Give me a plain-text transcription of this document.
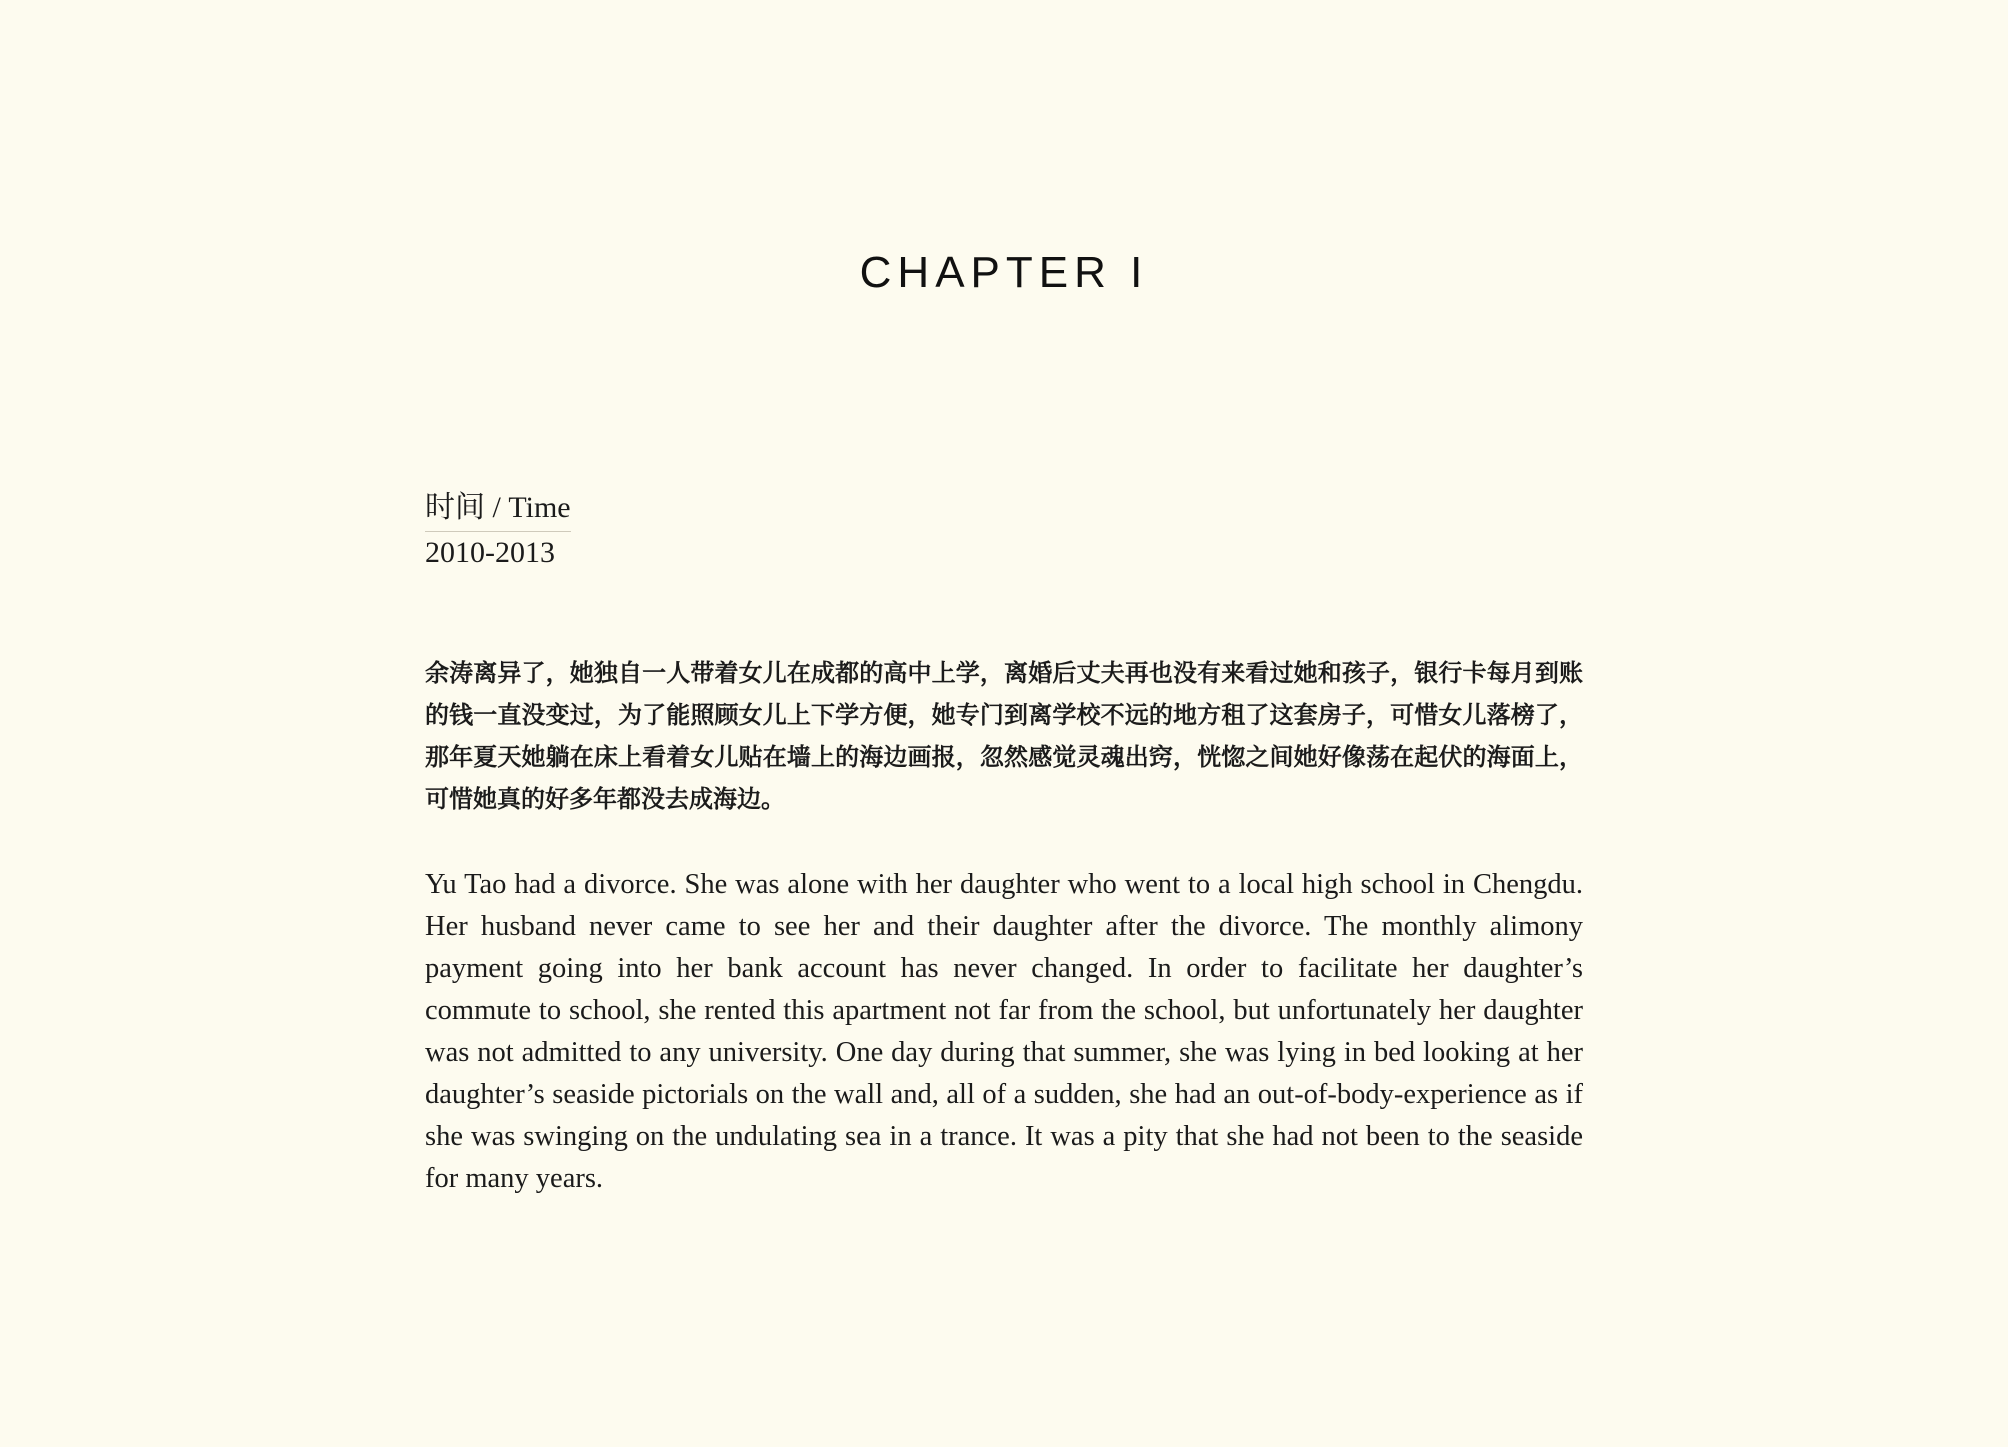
CHAPTER I
时间 / Time
2010-2013

余涛离异了，她独自一人带着女儿在成都的高中上学，离婚后丈夫再也没有来看过她和孩子，银行卡每月到账的钱一直没变过，为了能照顾女儿上下学方便，她专门到离学校不远的地方租了这套房子，可惜女儿落榜了，那年夏天她躺在床上看着女儿贴在墙上的海边画报，忽然感觉灵魂出窍，恍惚之间她好像荡在起伏的海面上，可惜她真的好多年都没去成海边。

Yu Tao had a divorce. She was alone with her daughter who went to a local high school in Chengdu. Her husband never came to see her and their daughter after the divorce. The monthly alimony payment going into her bank account has never changed. In order to facilitate her daughter’s commute to school, she rented this apartment not far from the school, but unfortunately her daughter was not admitted to any university. One day during that summer, she was lying in bed looking at her daughter’s seaside pictorials on the wall and, all of a sudden, she had an out-of-body-experience as if she was swinging on the undulating sea in a trance. It was a pity that she had not been to the seaside for many years.
